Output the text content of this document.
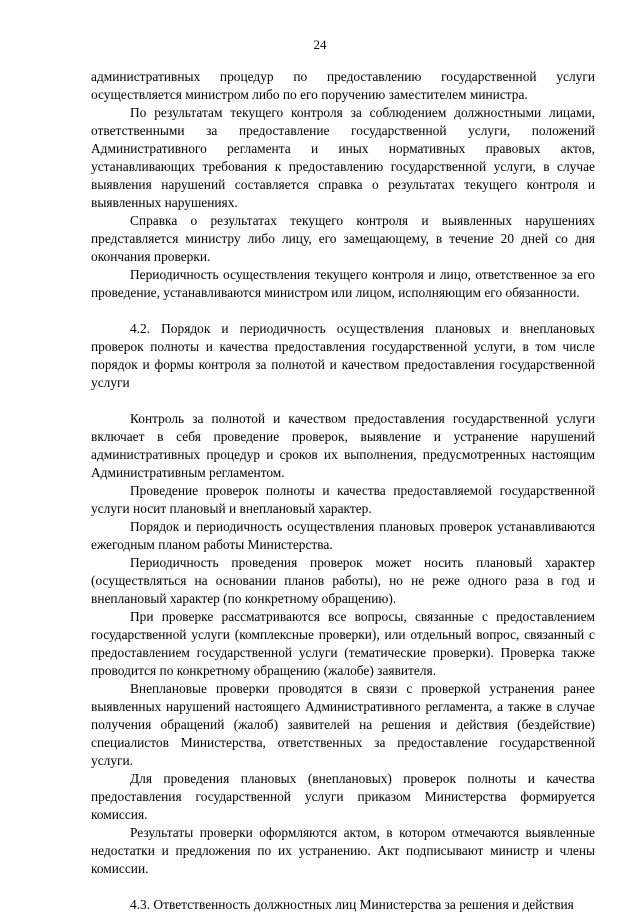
24

административных процедур по предоставлению государственной услуги осуществляется министром либо по его поручению заместителем министра.

По результатам текущего контроля за соблюдением должностными лицами, ответственными за предоставление государственной услуги, положений Административного регламента и иных нормативных правовых актов, устанавливающих требования к предоставлению государственной услуги, в случае выявления нарушений составляется справка о результатах текущего контроля и выявленных нарушениях.

Справка о результатах текущего контроля и выявленных нарушениях представляется министру либо лицу, его замещающему, в течение 20 дней со дня окончания проверки.

Периодичность осуществления текущего контроля и лицо, ответственное за его проведение, устанавливаются министром или лицом, исполняющим его обязанности.

4.2. Порядок и периодичность осуществления плановых и внеплановых проверок полноты и качества предоставления государственной услуги, в том числе порядок и формы контроля за полнотой и качеством предоставления государственной услуги

Контроль за полнотой и качеством предоставления государственной услуги включает в себя проведение проверок, выявление и устранение нарушений административных процедур и сроков их выполнения, предусмотренных настоящим Административным регламентом.

Проведение проверок полноты и качества предоставляемой государственной услуги носит плановый и внеплановый характер.

Порядок и периодичность осуществления плановых проверок устанавливаются ежегодным планом работы Министерства.

Периодичность проведения проверок может носить плановый характер (осуществляться на основании планов работы), но не реже одного раза в год и внеплановый характер (по конкретному обращению).

При проверке рассматриваются все вопросы, связанные с предоставлением государственной услуги (комплексные проверки), или отдельный вопрос, связанный с предоставлением государственной услуги (тематические проверки). Проверка также проводится по конкретному обращению (жалобе) заявителя.

Внеплановые проверки проводятся в связи с проверкой устранения ранее выявленных нарушений настоящего Административного регламента, а также в случае получения обращений (жалоб) заявителей на решения и действия (бездействие) специалистов Министерства, ответственных за предоставление государственной услуги.

Для проведения плановых (внеплановых) проверок полноты и качества предоставления государственной услуги приказом Министерства формируется комиссия.

Результаты проверки оформляются актом, в котором отмечаются выявленные недостатки и предложения по их устранению. Акт подписывают министр и члены комиссии.

4.3. Ответственность должностных лиц Министерства за решения и действия
